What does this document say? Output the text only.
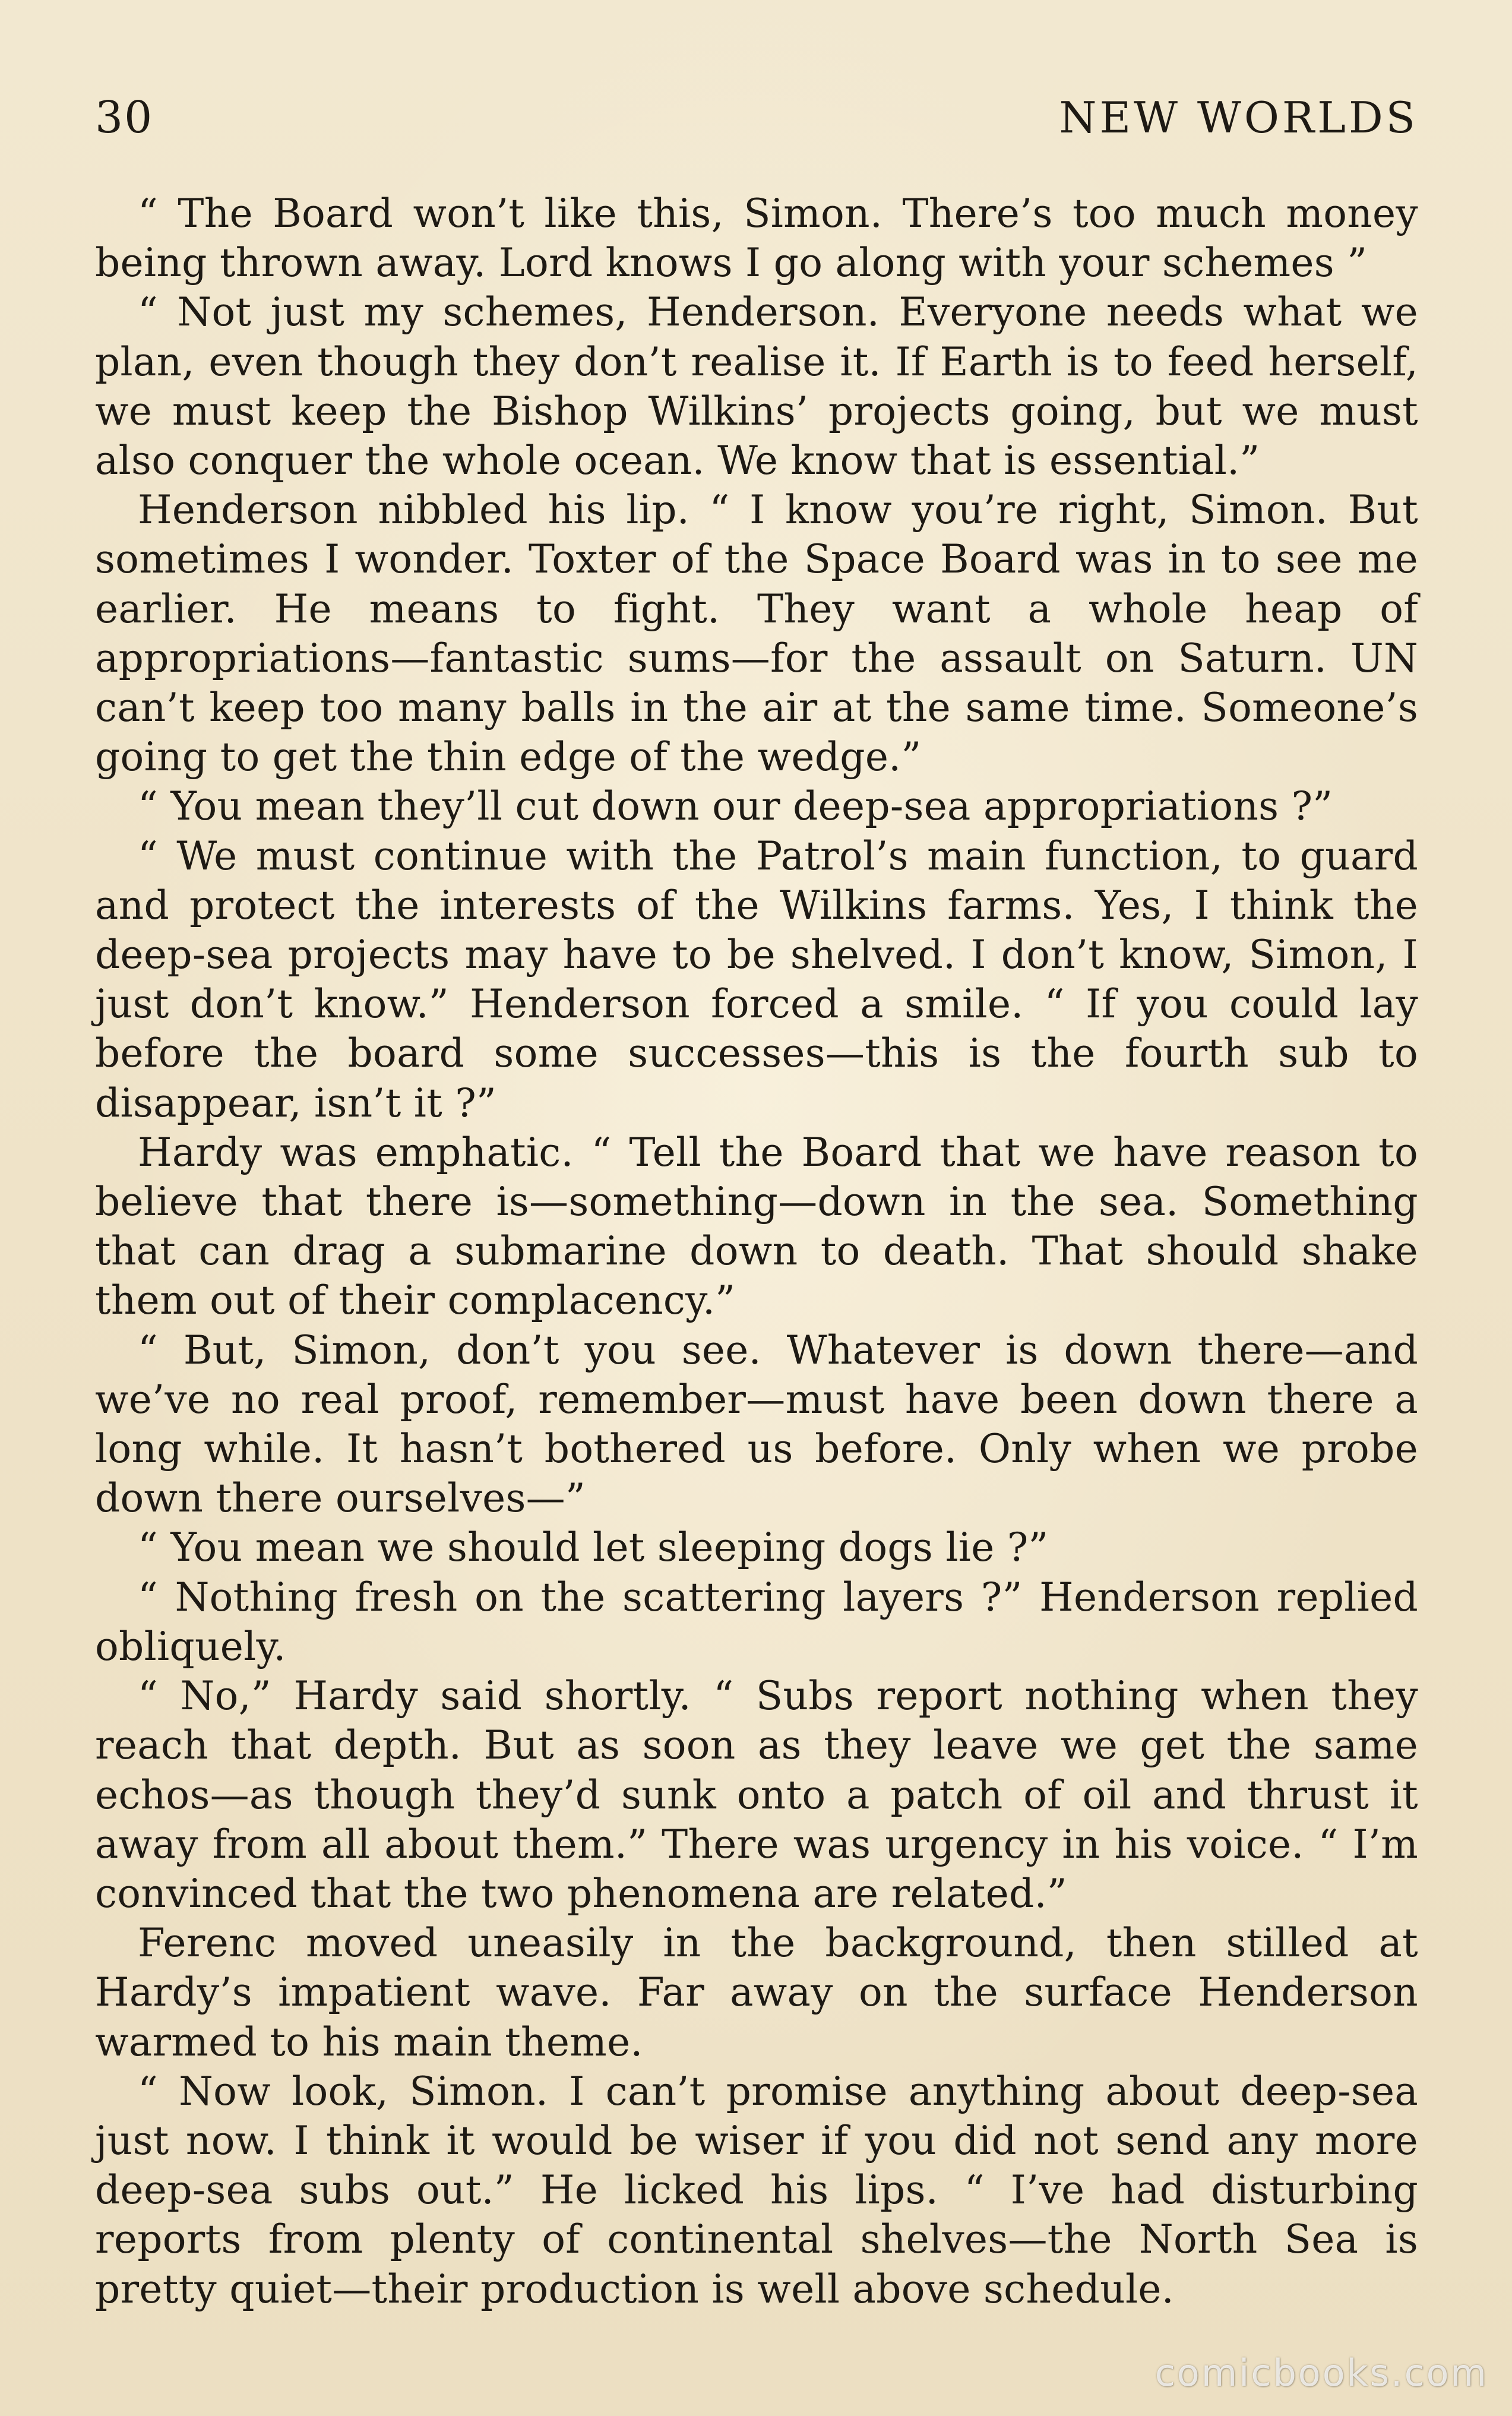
30	NEW WORLDS

“ The Board won’t like this, Simon. There’s too much money being thrown away. Lord knows I go along with your schemes ”

“ Not just my schemes, Henderson. Everyone needs what we plan, even though they don’t realise it. If Earth is to feed herself, we must keep the Bishop Wilkins’ projects going, but we must also conquer the whole ocean. We know that is essential.”

Henderson nibbled his lip. “ I know you’re right, Simon. But sometimes I wonder. Toxter of the Space Board was in to see me earlier. He means to fight. They want a whole heap of appropriations—fantastic sums—for the assault on Saturn. UN can’t keep too many balls in the air at the same time. Someone’s going to get the thin edge of the wedge.”

“ You mean they’ll cut down our deep-sea appropriations ?”

“ We must continue with the Patrol’s main function, to guard and protect the interests of the Wilkins farms. Yes, I think the deep-sea projects may have to be shelved. I don’t know, Simon, I just don’t know.” Henderson forced a smile. “ If you could lay before the board some successes—this is the fourth sub to disappear, isn’t it ?”

Hardy was emphatic. “ Tell the Board that we have reason to believe that there is—something—down in the sea. Something that can drag a submarine down to death. That should shake them out of their complacency.”

“ But, Simon, don’t you see. Whatever is down there—and we’ve no real proof, remember—must have been down there a long while. It hasn’t bothered us before. Only when we probe down there ourselves—”

“ You mean we should let sleeping dogs lie ?”

“ Nothing fresh on the scattering layers ?” Henderson replied obliquely.

“ No,” Hardy said shortly. “ Subs report nothing when they reach that depth. But as soon as they leave we get the same echos—as though they’d sunk onto a patch of oil and thrust it away from all about them.” There was urgency in his voice. “ I’m convinced that the two phenomena are related.”

Ferenc moved uneasily in the background, then stilled at Hardy’s impatient wave. Far away on the surface Henderson warmed to his main theme.

“ Now look, Simon. I can’t promise anything about deep-sea just now. I think it would be wiser if you did not send any more deep-sea subs out.” He licked his lips. “ I’ve had disturbing reports from plenty of continental shelves—the North Sea is pretty quiet—their production is well above schedule.

comicbooks.com
